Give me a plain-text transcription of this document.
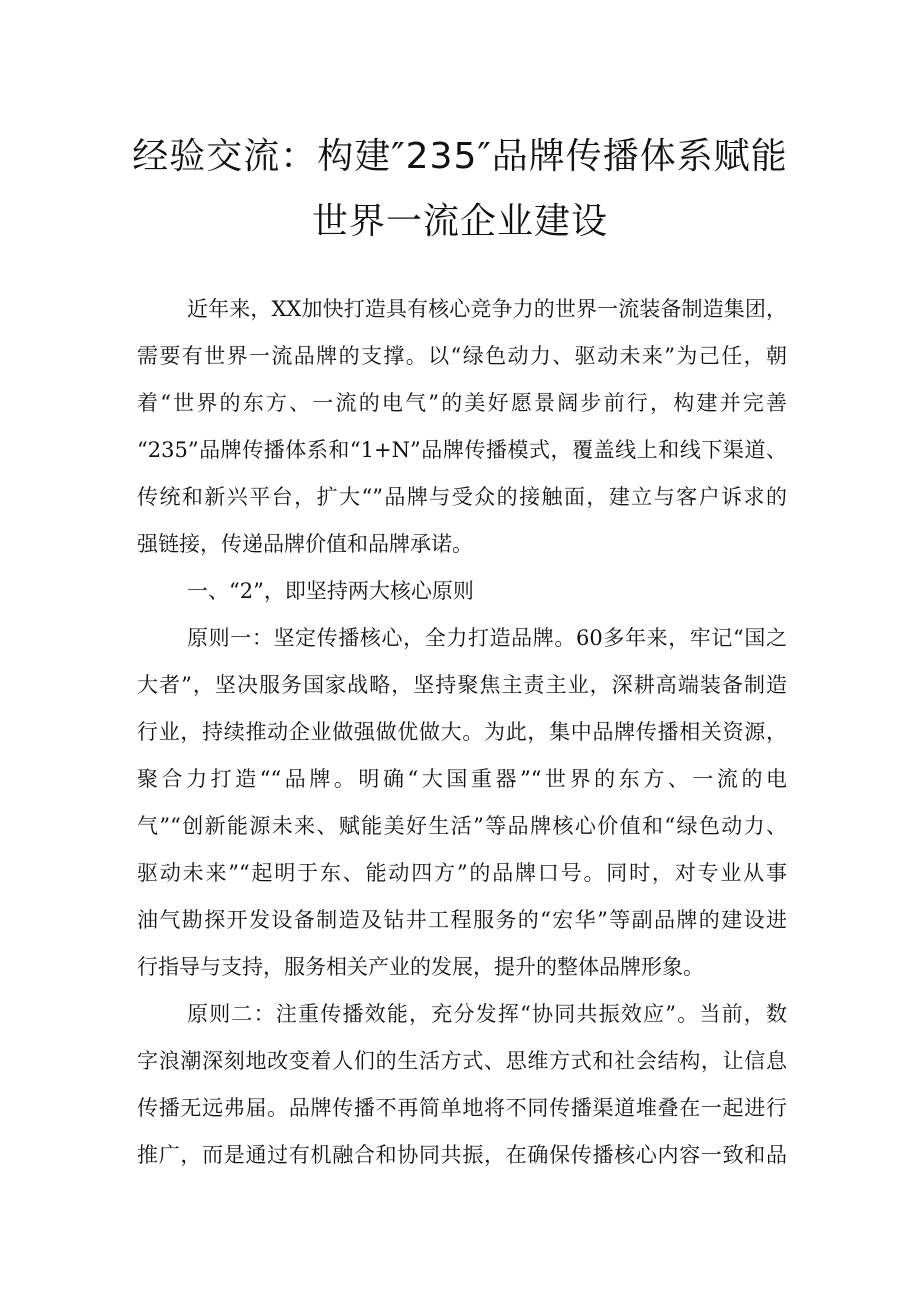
经验交流：构建″235″品牌传播体系赋能
世界一流企业建设
近年来，XX加快打造具有核心竞争力的世界一流装备制造集团，
需要有世界一流品牌的支撑。以“绿色动力、驱动未来”为己任，朝
着“世界的东方、一流的电气”的美好愿景阔步前行，构建并完善
“235”品牌传播体系和“1+N”品牌传播模式，覆盖线上和线下渠道、
传统和新兴平台，扩大“”品牌与受众的接触面，建立与客户诉求的
强链接，传递品牌价值和品牌承诺。
一、“2”，即坚持两大核心原则
原则一：坚定传播核心，全力打造品牌。60多年来，牢记“国之
大者”，坚决服务国家战略，坚持聚焦主责主业，深耕高端装备制造
行业，持续推动企业做强做优做大。为此，集中品牌传播相关资源，
聚合力打造““品牌。明确“大国重器”“世界的东方、一流的电
气”“创新能源未来、赋能美好生活”等品牌核心价值和“绿色动力、
驱动未来”“起明于东、能动四方”的品牌口号。同时，对专业从事
油气勘探开发设备制造及钻井工程服务的“宏华”等副品牌的建设进
行指导与支持，服务相关产业的发展，提升的整体品牌形象。
原则二：注重传播效能，充分发挥“协同共振效应”。当前，数
字浪潮深刻地改变着人们的生活方式、思维方式和社会结构，让信息
传播无远弗届。品牌传播不再简单地将不同传播渠道堆叠在一起进行
推广，而是通过有机融合和协同共振，在确保传播核心内容一致和品
